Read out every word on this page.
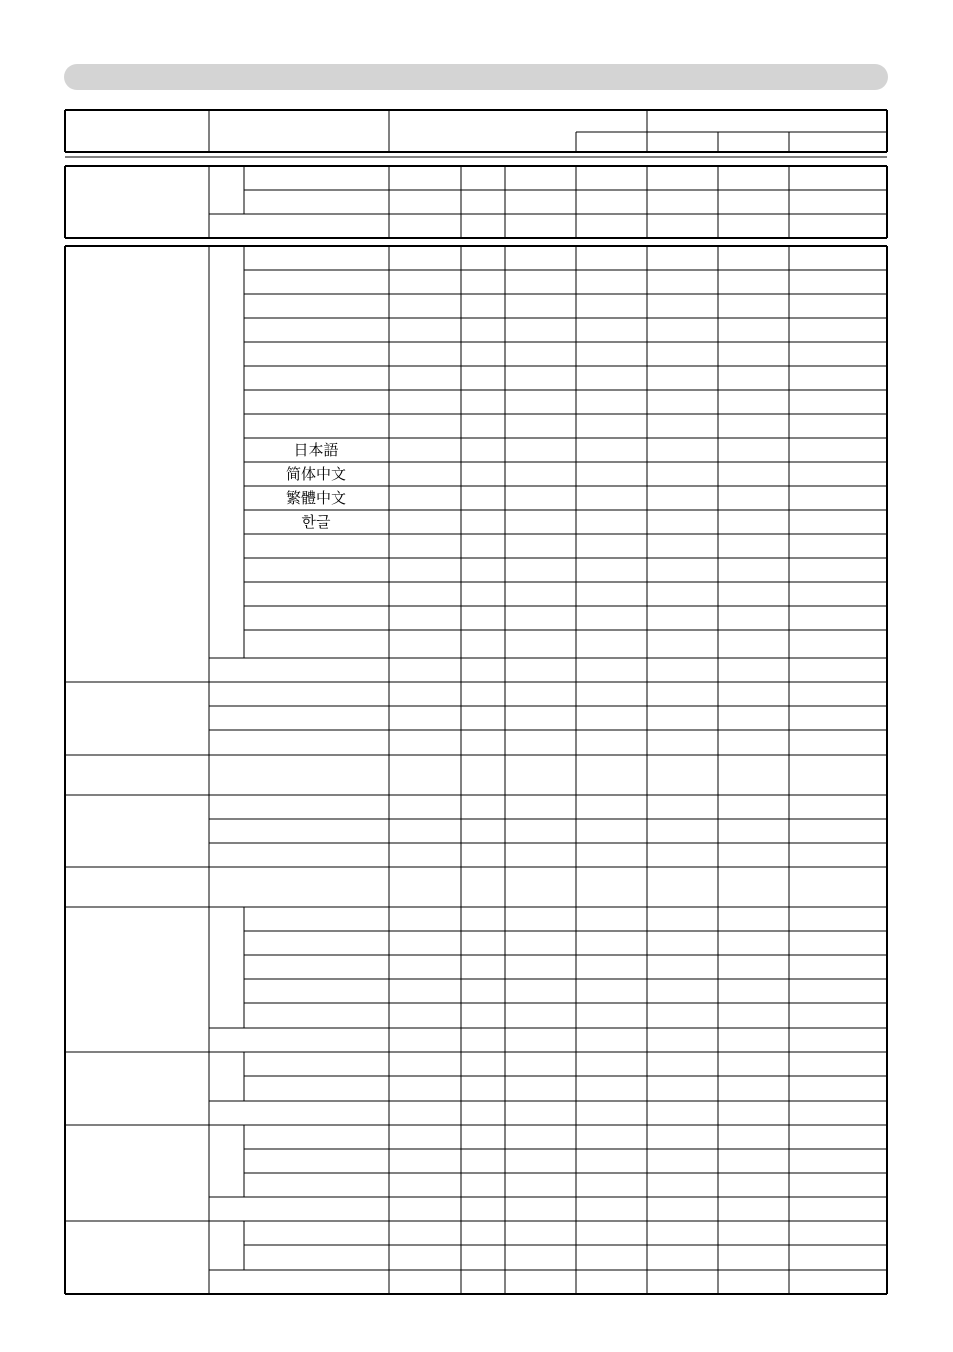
日本語
简体中文
繁體中文
한글
